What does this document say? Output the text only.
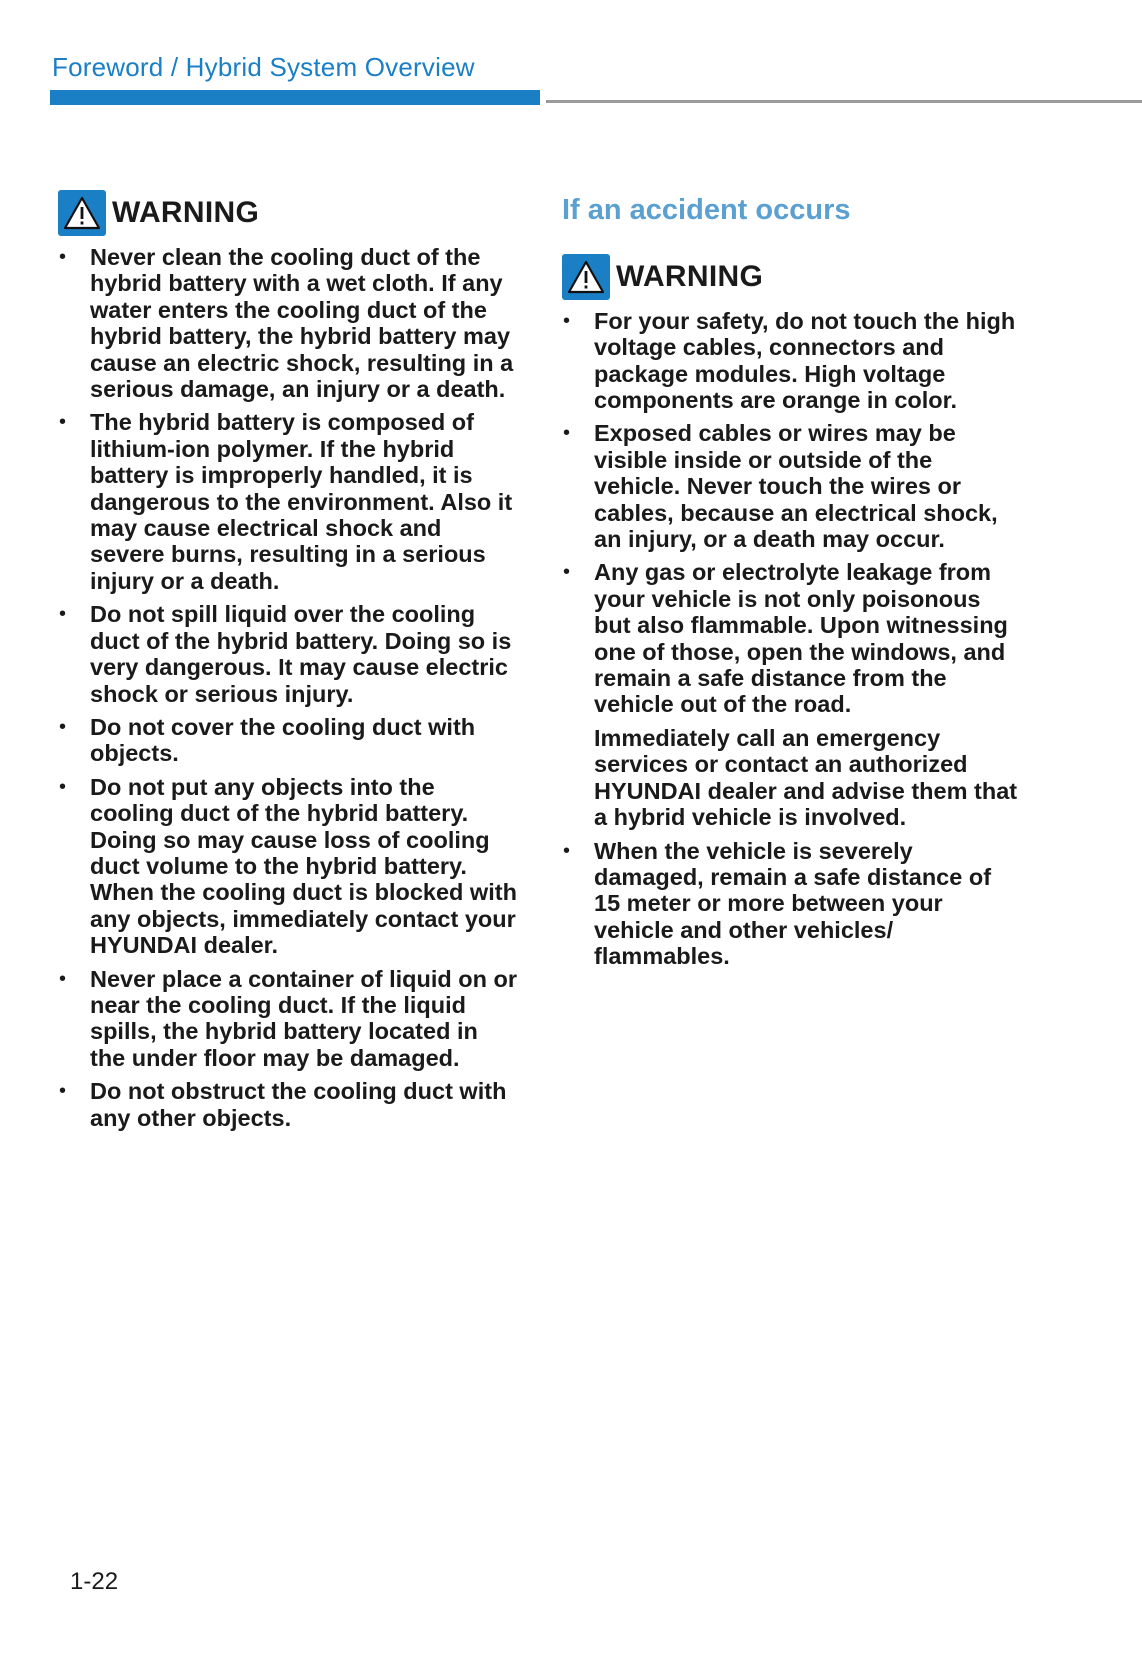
Foreword / Hybrid System Overview
WARNING
• Never clean the cooling duct of the hybrid battery with a wet cloth. If any water enters the cooling duct of the hybrid battery, the hybrid battery may cause an electric shock, resulting in a serious damage, an injury or a death.
• The hybrid battery is composed of lithium-ion polymer. If the hybrid battery is improperly handled, it is dangerous to the environment. Also it may cause electrical shock and severe burns, resulting in a serious injury or a death.
• Do not spill liquid over the cooling duct of the hybrid battery. Doing so is very dangerous. It may cause electric shock or serious injury.
• Do not cover the cooling duct with objects.
• Do not put any objects into the cooling duct of the hybrid battery. Doing so may cause loss of cooling duct volume to the hybrid battery. When the cooling duct is blocked with any objects, immediately contact your HYUNDAI dealer.
• Never place a container of liquid on or near the cooling duct. If the liquid spills, the hybrid battery located in the under floor may be damaged.
• Do not obstruct the cooling duct with any other objects.
If an accident occurs
WARNING
• For your safety, do not touch the high voltage cables, connectors and package modules. High voltage components are orange in color.
• Exposed cables or wires may be visible inside or outside of the vehicle. Never touch the wires or cables, because an electrical shock, an injury, or a death may occur.
• Any gas or electrolyte leakage from your vehicle is not only poisonous but also flammable. Upon witnessing one of those, open the windows, and remain a safe distance from the vehicle out of the road.
Immediately call an emergency services or contact an authorized HYUNDAI dealer and advise them that a hybrid vehicle is involved.
• When the vehicle is severely damaged, remain a safe distance of 15 meter or more between your vehicle and other vehicles/ flammables.
1-22
